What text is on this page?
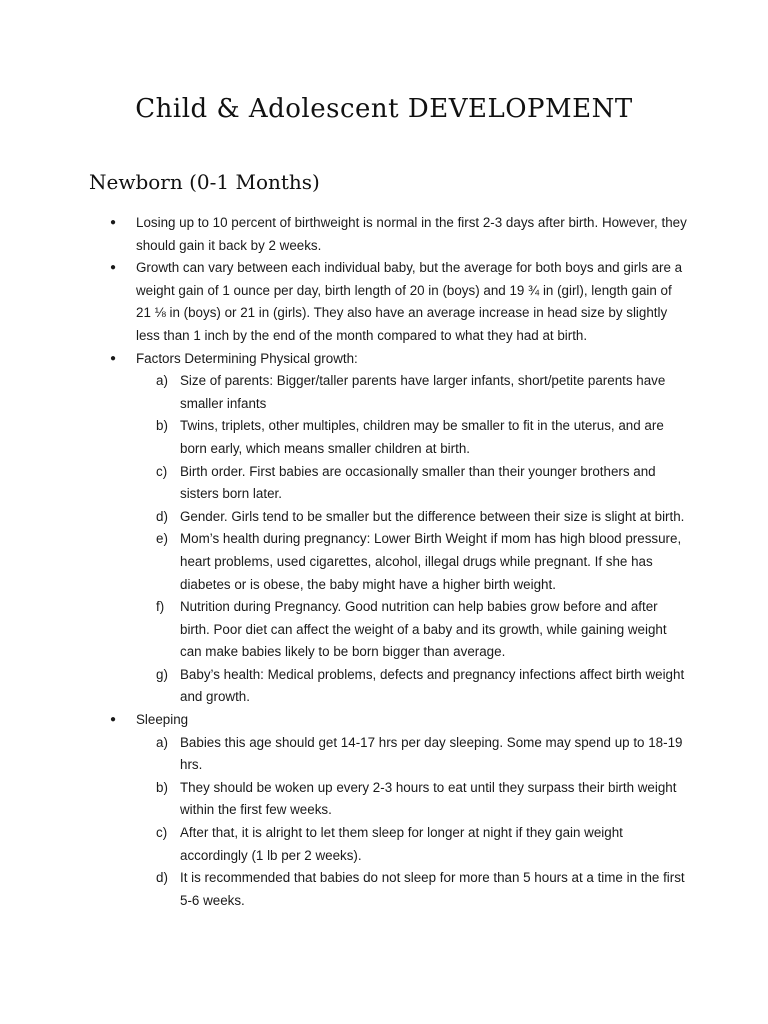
Child & Adolescent DEVELOPMENT
Newborn (0-1 Months)
● Losing up to 10 percent of birthweight is normal in the first 2-3 days after birth. However, they should gain it back by 2 weeks.
● Growth can vary between each individual baby, but the average for both boys and girls are a weight gain of 1 ounce per day, birth length of 20 in (boys) and 19 ¾ in (girl), length gain of 21 ⅛ in (boys) or 21 in (girls). They also have an average increase in head size by slightly less than 1 inch by the end of the month compared to what they had at birth.
● Factors Determining Physical growth:
a) Size of parents: Bigger/taller parents have larger infants, short/petite parents have smaller infants
b) Twins, triplets, other multiples, children may be smaller to fit in the uterus, and are born early, which means smaller children at birth.
c) Birth order. First babies are occasionally smaller than their younger brothers and sisters born later.
d) Gender. Girls tend to be smaller but the difference between their size is slight at birth.
e) Mom’s health during pregnancy: Lower Birth Weight if mom has high blood pressure, heart problems, used cigarettes, alcohol, illegal drugs while pregnant. If she has diabetes or is obese, the baby might have a higher birth weight.
f) Nutrition during Pregnancy. Good nutrition can help babies grow before and after birth. Poor diet can affect the weight of a baby and its growth, while gaining weight can make babies likely to be born bigger than average.
g) Baby’s health: Medical problems, defects and pregnancy infections affect birth weight and growth.
● Sleeping
a) Babies this age should get 14-17 hrs per day sleeping. Some may spend up to 18-19 hrs.
b) They should be woken up every 2-3 hours to eat until they surpass their birth weight within the first few weeks.
c) After that, it is alright to let them sleep for longer at night if they gain weight accordingly (1 lb per 2 weeks).
d) It is recommended that babies do not sleep for more than 5 hours at a time in the first 5-6 weeks.
